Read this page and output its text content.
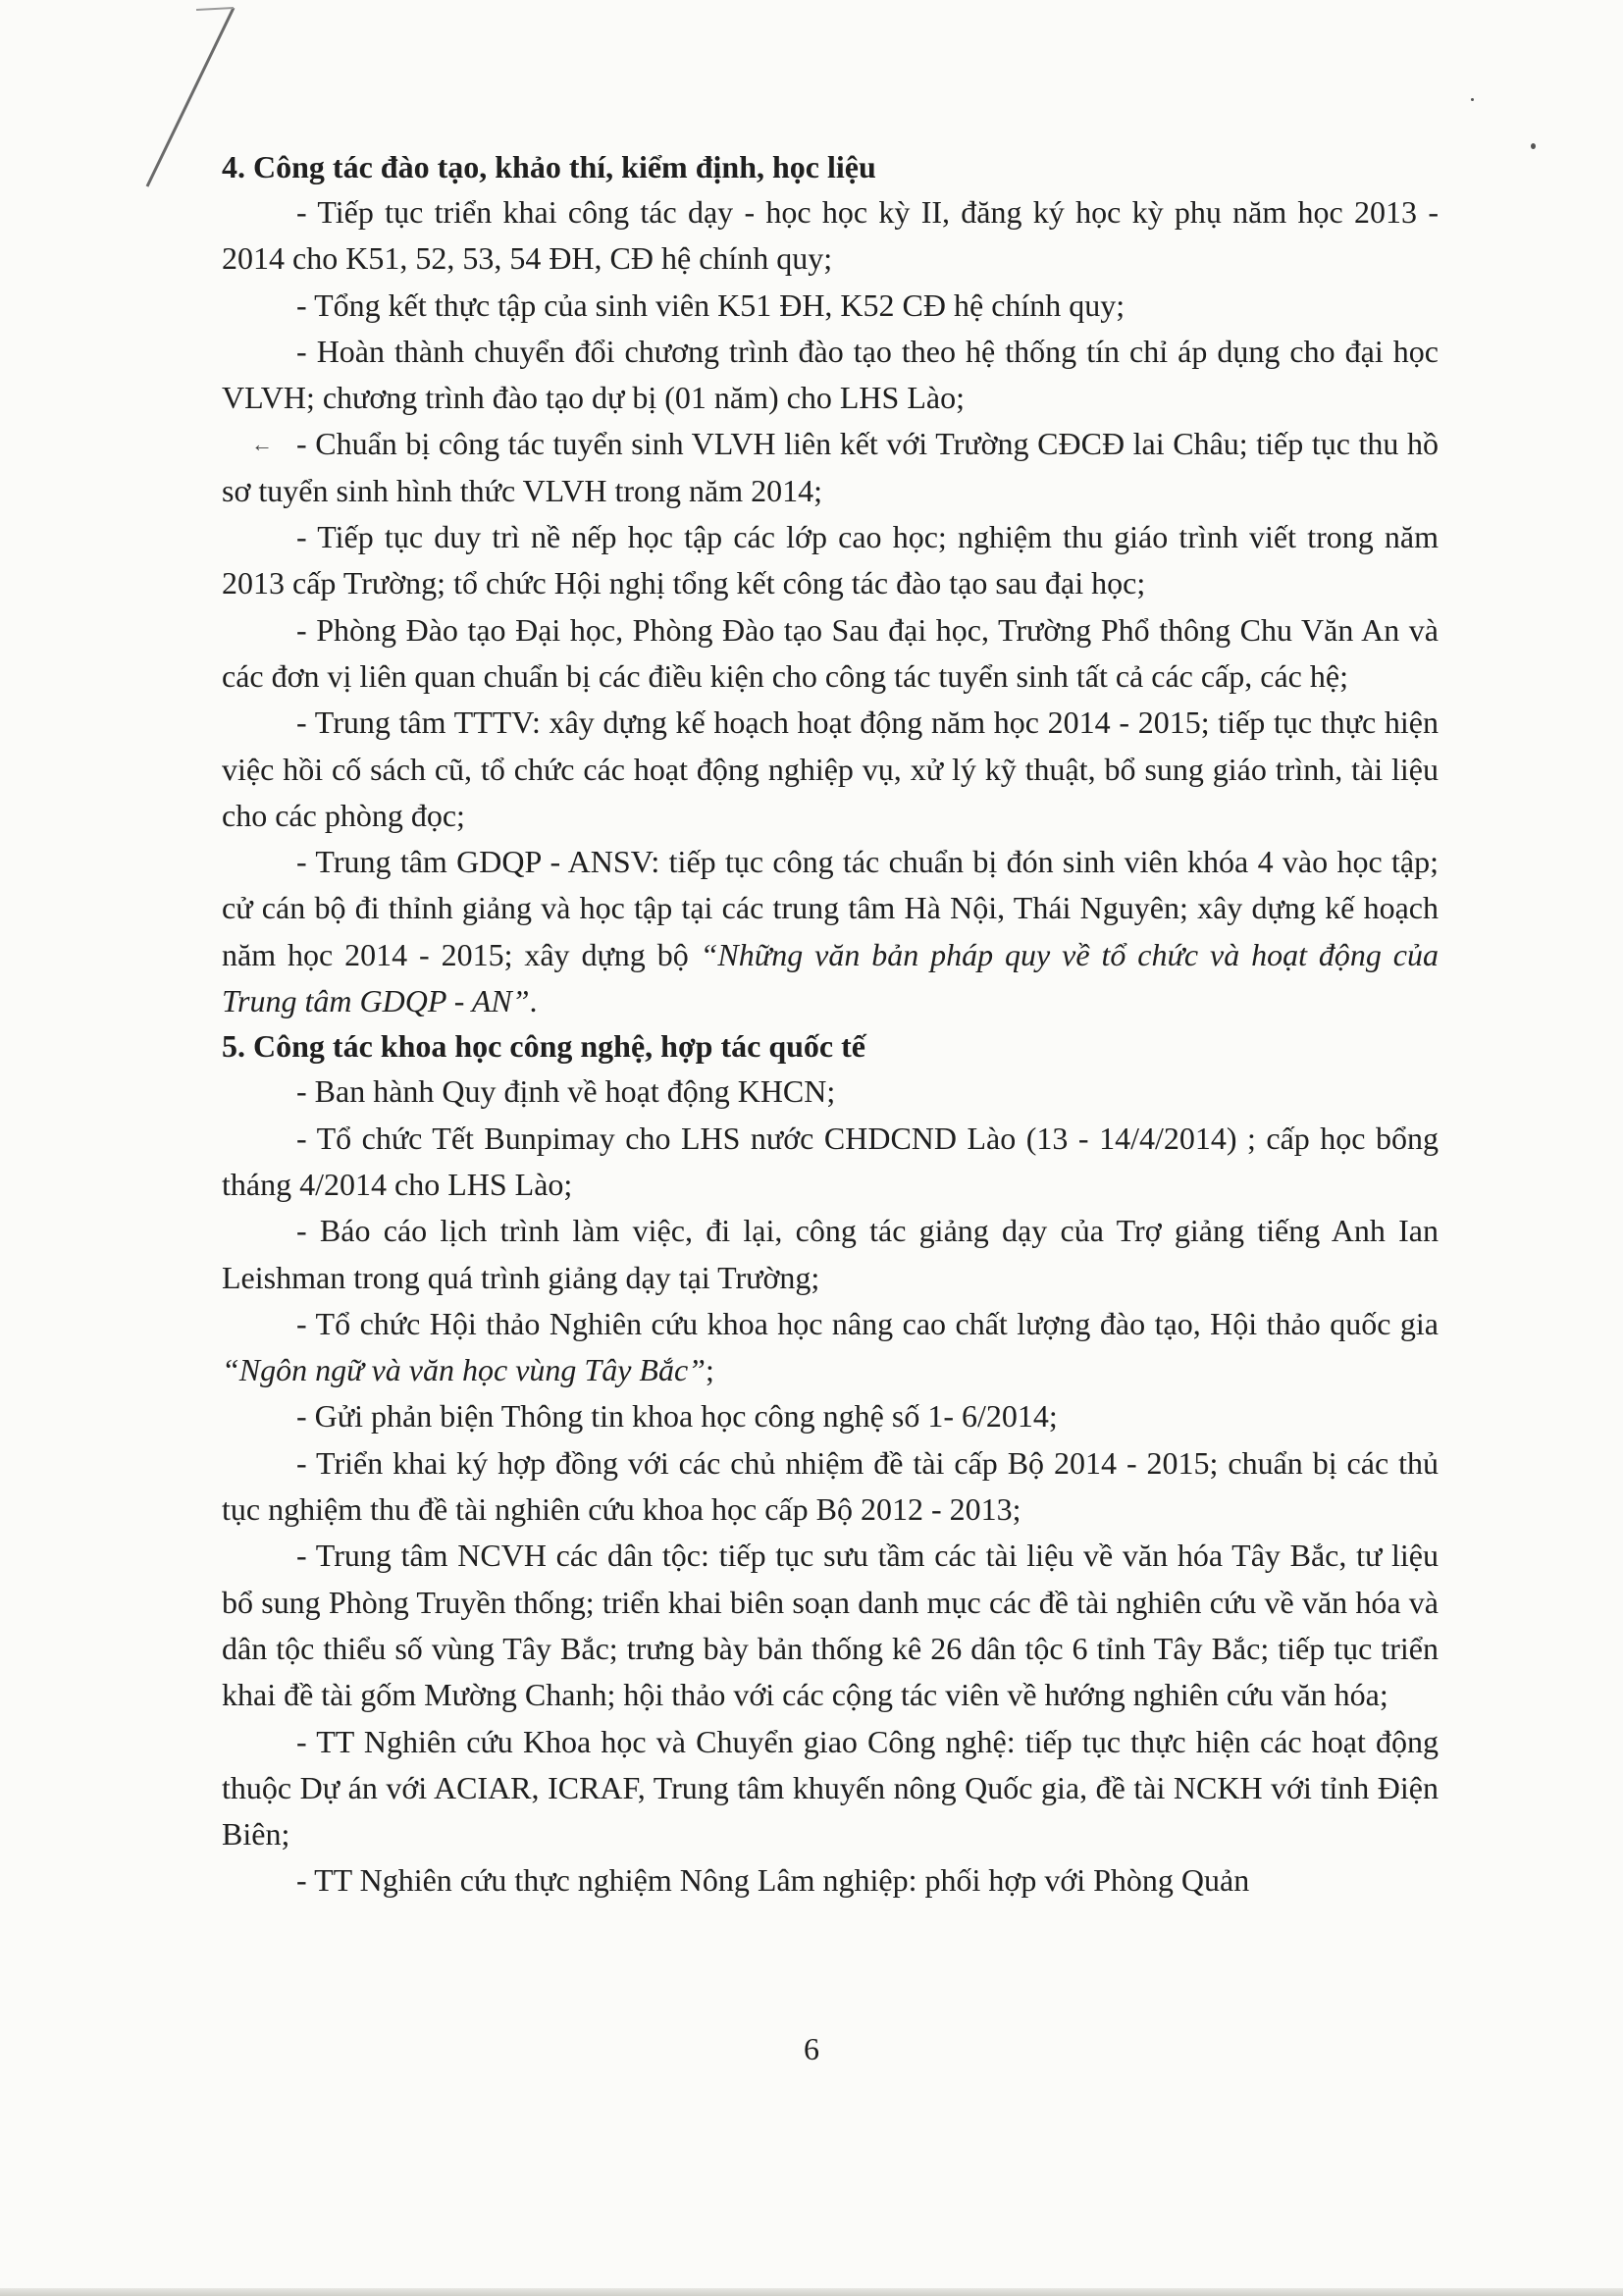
←

4. Công tác đào tạo, khảo thí, kiểm định, học liệu

- Tiếp tục triển khai công tác dạy - học học kỳ II, đăng ký học kỳ phụ năm học 2013 - 2014 cho K51, 52, 53, 54 ĐH, CĐ hệ chính quy;

- Tổng kết thực tập của sinh viên K51 ĐH, K52 CĐ hệ chính quy;

- Hoàn thành chuyển đổi chương trình đào tạo theo hệ thống tín chỉ áp dụng cho đại học VLVH; chương trình đào tạo dự bị (01 năm) cho LHS Lào;

- Chuẩn bị công tác tuyển sinh VLVH liên kết với Trường CĐCĐ lai Châu; tiếp tục thu hồ sơ tuyển sinh hình thức VLVH trong năm 2014;

- Tiếp tục duy trì nề nếp học tập các lớp cao học; nghiệm thu giáo trình viết trong năm 2013 cấp Trường; tổ chức Hội nghị tổng kết công tác đào tạo sau đại học;

- Phòng Đào tạo Đại học, Phòng Đào tạo Sau đại học, Trường Phổ thông Chu Văn An và các đơn vị liên quan chuẩn bị các điều kiện cho công tác tuyển sinh tất cả các cấp, các hệ;

- Trung tâm TTTV: xây dựng kế hoạch hoạt động năm học 2014 - 2015; tiếp tục thực hiện việc hồi cố sách cũ, tổ chức các hoạt động nghiệp vụ, xử lý kỹ thuật, bổ sung giáo trình, tài liệu cho các phòng đọc;

- Trung tâm GDQP - ANSV: tiếp tục công tác chuẩn bị đón sinh viên khóa 4 vào học tập; cử cán bộ đi thỉnh giảng và học tập tại các trung tâm Hà Nội, Thái Nguyên; xây dựng kế hoạch năm học 2014 - 2015; xây dựng bộ “Những văn bản pháp quy về tổ chức và hoạt động của Trung tâm GDQP - AN”.

5. Công tác khoa học công nghệ, hợp tác quốc tế

- Ban hành Quy định về hoạt động KHCN;

- Tổ chức Tết Bunpimay cho LHS nước CHDCND Lào (13 - 14/4/2014) ; cấp học bổng tháng 4/2014 cho LHS Lào;

- Báo cáo lịch trình làm việc, đi lại, công tác giảng dạy của Trợ giảng tiếng Anh Ian Leishman trong quá trình giảng dạy tại Trường;

- Tổ chức Hội thảo Nghiên cứu khoa học nâng cao chất lượng đào tạo, Hội thảo quốc gia “Ngôn ngữ và văn học vùng Tây Bắc”;

- Gửi phản biện Thông tin khoa học công nghệ số 1- 6/2014;

- Triển khai ký hợp đồng với các chủ nhiệm đề tài cấp Bộ 2014 - 2015; chuẩn bị các thủ tục nghiệm thu đề tài nghiên cứu khoa học cấp Bộ 2012 - 2013;

- Trung tâm NCVH các dân tộc: tiếp tục sưu tầm các tài liệu về văn hóa Tây Bắc, tư liệu bổ sung Phòng Truyền thống; triển khai biên soạn danh mục các đề tài nghiên cứu về văn hóa và dân tộc thiểu số vùng Tây Bắc; trưng bày bản thống kê 26 dân tộc 6 tỉnh Tây Bắc; tiếp tục triển khai đề tài gốm Mường Chanh; hội thảo với các cộng tác viên về hướng nghiên cứu văn hóa;

- TT Nghiên cứu Khoa học và Chuyển giao Công nghệ: tiếp tục thực hiện các hoạt động thuộc Dự án với ACIAR, ICRAF, Trung tâm khuyến nông Quốc gia, đề tài NCKH với tỉnh Điện Biên;

- TT Nghiên cứu thực nghiệm Nông Lâm nghiệp: phối hợp với Phòng Quản

6
